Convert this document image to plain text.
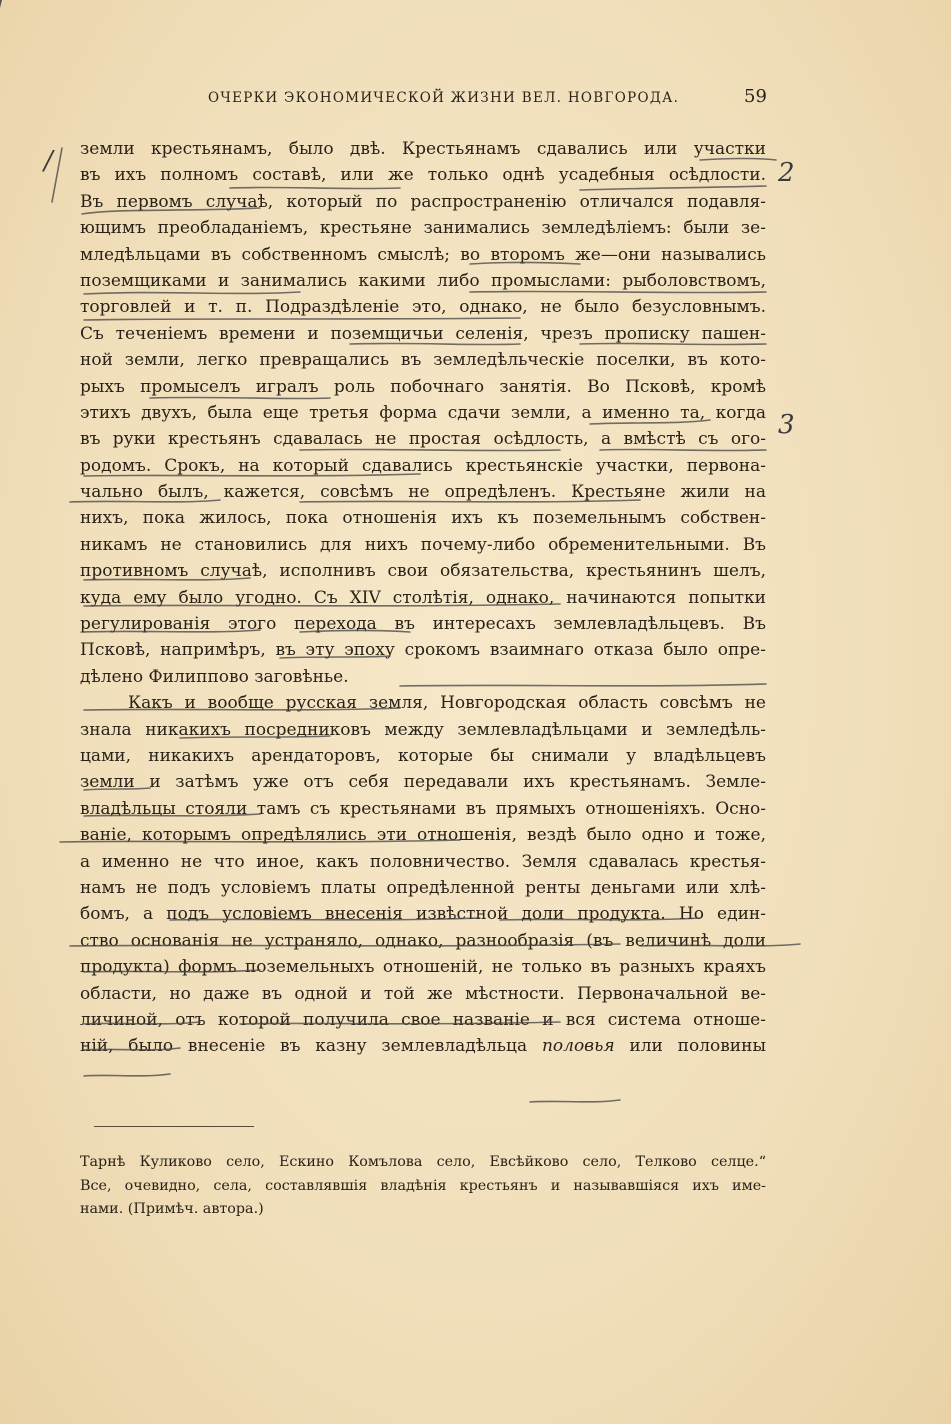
ОЧЕРКИ ЭКОНОМИЧЕСКОЙ ЖИЗНИ ВЕЛ. НОВГОРОДА.	59
земли крестьянамъ, было двѣ. Крестьянамъ сдавались или участки
въ ихъ полномъ составѣ, или же только однѣ усадебныя осѣдлости.
Въ первомъ случаѣ, который по распространенію отличался подавля-
ющимъ преобладаніемъ, крестьяне занимались земледѣліемъ: были зе-
мледѣльцами въ собственномъ смыслѣ; во второмъ же—они назывались
поземщиками и занимались какими либо промыслами: рыболовствомъ,
торговлей и т. п. Подраздѣленіе это, однако, не было безусловнымъ.
Съ теченіемъ времени и поземщичьи селенія, чрезъ прописку пашен-
ной земли, легко превращались въ земледѣльческіе поселки, въ кото-
рыхъ промыселъ игралъ роль побочнаго занятія. Во Псковѣ, кромѣ
этихъ двухъ, была еще третья форма сдачи земли, а именно та, когда
въ руки крестьянъ сдавалась не простая осѣдлость, а вмѣстѣ съ ого-
родомъ. Срокъ, на который сдавались крестьянскіе участки, первона-
чально былъ, кажется, совсѣмъ не опредѣленъ. Крестьяне жили на
нихъ, пока жилось, пока отношенія ихъ къ поземельнымъ собствен-
никамъ не становились для нихъ почему-либо обременительными. Въ
противномъ случаѣ, исполнивъ свои обязательства, крестьянинъ шелъ,
куда ему было угодно. Съ XIV столѣтія, однако, начинаются попытки
регулированія этого перехода въ интересахъ землевладѣльцевъ. Въ
Псковѣ, напримѣръ, въ эту эпоху срокомъ взаимнаго отказа было опре-
дѣлено Филиппово заговѣнье.
Какъ и вообще русская земля, Новгородская область совсѣмъ не
знала никакихъ посредниковъ между землевладѣльцами и земледѣль-
цами, никакихъ арендаторовъ, которые бы снимали у владѣльцевъ
земли и затѣмъ уже отъ себя передавали ихъ крестьянамъ. Земле-
владѣльцы стояли тамъ съ крестьянами въ прямыхъ отношеніяхъ. Осно-
ваніе, которымъ опредѣлялись эти отношенія, вездѣ было одно и тоже,
а именно не что иное, какъ половничество. Земля сдавалась крестья-
намъ не подъ условіемъ платы опредѣленной ренты деньгами или хлѣ-
бомъ, а подъ условіемъ внесенія извѣстной доли продукта. Но един-
ство основанія не устраняло, однако, разнообразія (въ величинѣ доли
продукта) формъ поземельныхъ отношеній, не только въ разныхъ краяхъ
области, но даже въ одной и той же мѣстности. Первоначальной ве-
личиной, отъ которой получила свое названіе и вся система отноше-
ній, было внесеніе въ казну землевладѣльца половья или половины
Тарнѣ Куликово село, Ескино Комълова село, Евсѣйково село, Телково селце.“
Все, очевидно, села, составлявшія владѣнія крестьянъ и называвшіяся ихъ име-
нами. (Примѣч. автора.)
/	2
3
